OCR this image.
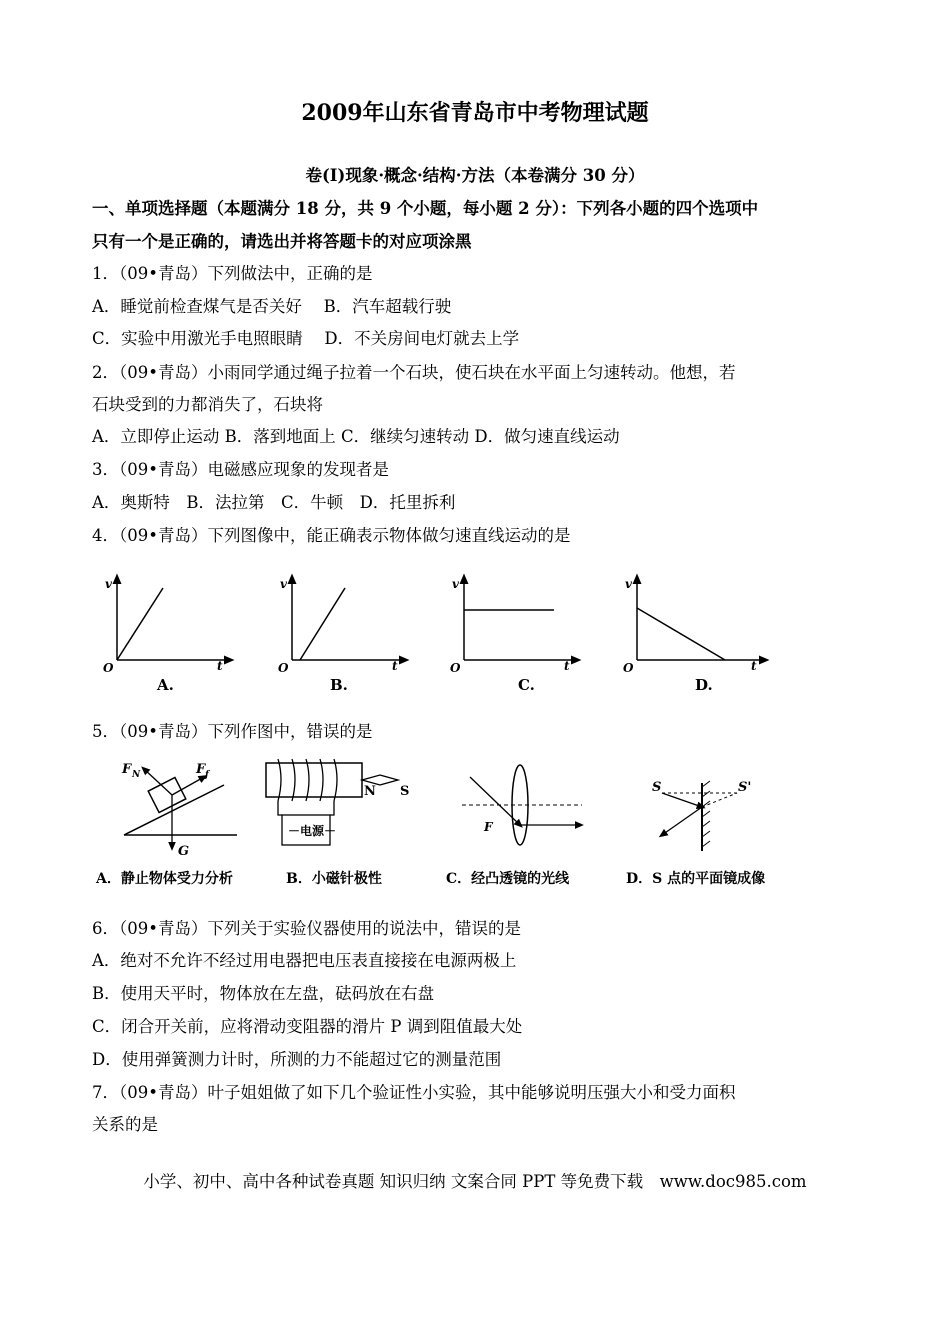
2009年山东省青岛市中考物理试题
卷(I)现象·概念·结构·方法（本卷满分 30 分）
一、单项选择题（本题满分 18 分，共 9 个小题，每小题 2 分）：下列各小题的四个选项中
只有一个是正确的，请选出并将答题卡的对应项涂黑
1．（09•青岛）下列做法中，正确的是
A．睡觉前检查煤气是否关好　 B．汽车超载行驶
C．实验中用激光手电照眼睛　 D．不关房间电灯就去上学
2．（09•青岛）小雨同学通过绳子拉着一个石块，使石块在水平面上匀速转动。他想，若
石块受到的力都消失了，石块将
A．立即停止运动 B．落到地面上 C．继续匀速转动 D．做匀速直线运动
3．（09•青岛）电磁感应现象的发现者是
A．奥斯特　B．法拉第　C．牛顿　D．托里拆利
4．（09•青岛）下列图像中，能正确表示物体做匀速直线运动的是
v
t
O
A.
v
t
O
B.
v
t
O
C.
v
t
O
D.
5．（09•青岛）下列作图中，错误的是
F N	F f
G
A．静止物体受力分析
－电源＋
N S
B．小磁针极性
F
C．经凸透镜的光线
S	S'
D．S 点的平面镜成像
6．（09•青岛）下列关于实验仪器使用的说法中，错误的是
A．绝对不允许不经过用电器把电压表直接接在电源两极上
B．使用天平时，物体放在左盘，砝码放在右盘
C．闭合开关前，应将滑动变阻器的滑片 P 调到阻值最大处
D．使用弹簧测力计时，所测的力不能超过它的测量范围
7．（09•青岛）叶子姐姐做了如下几个验证性小实验，其中能够说明压强大小和受力面积
关系的是
小学、初中、高中各种试卷真题 知识归纳 文案合同 PPT 等免费下载　www.doc985.com
